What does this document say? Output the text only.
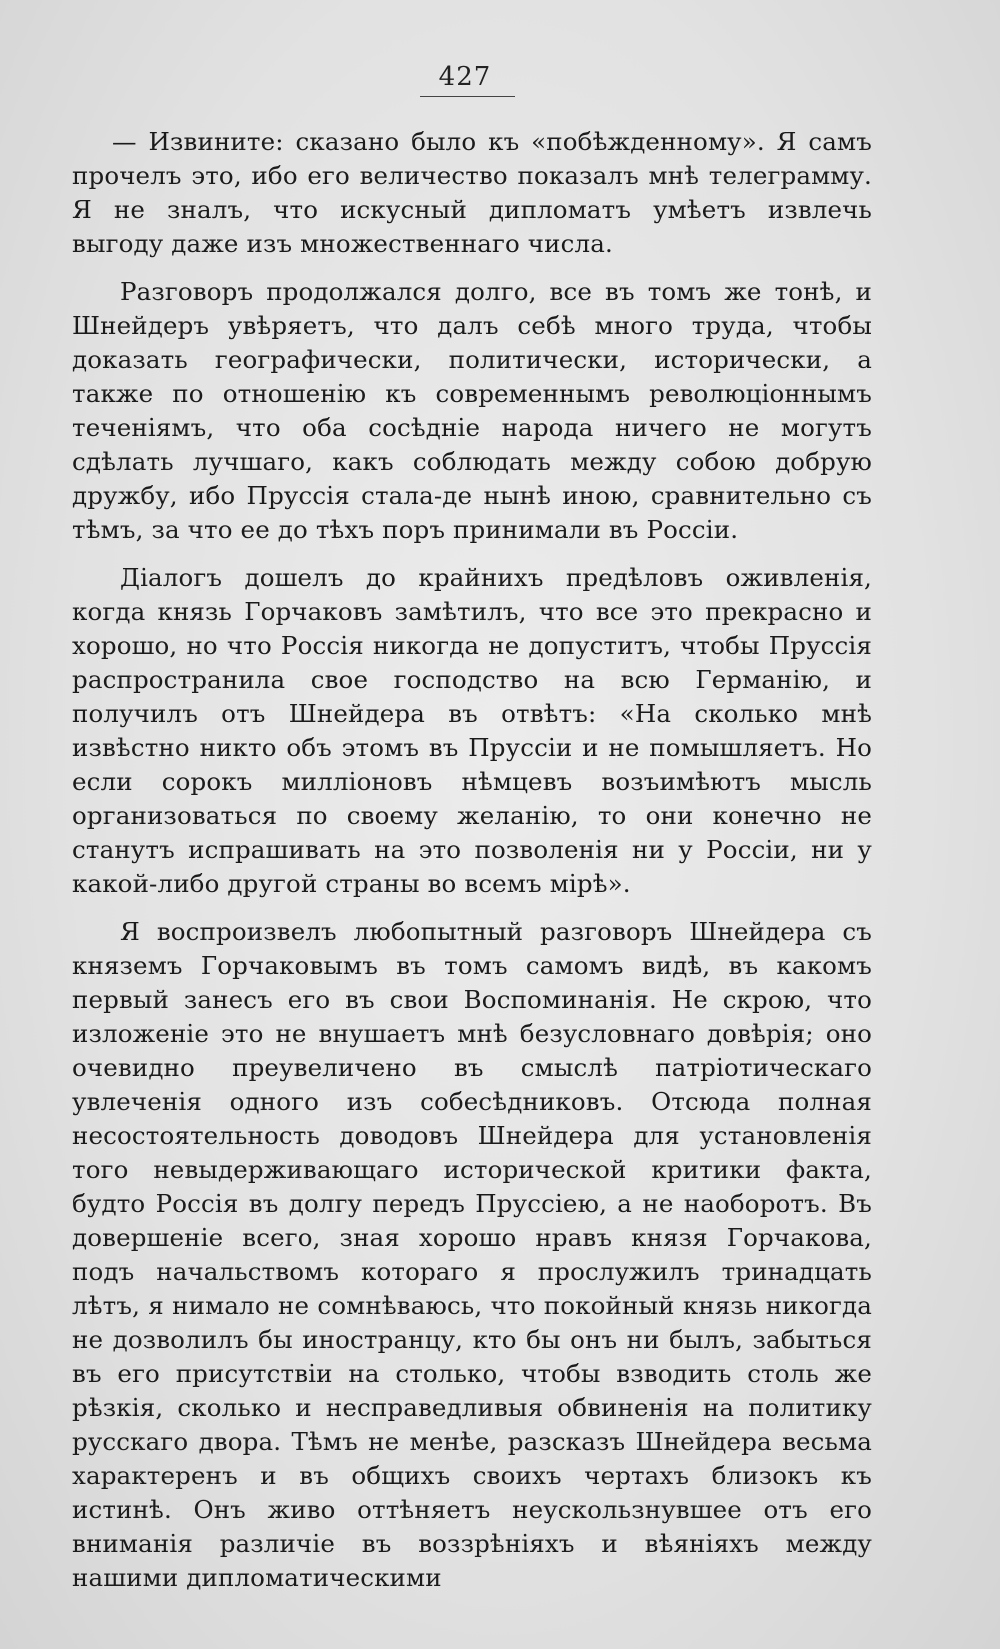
427

— Извините: сказано было къ «побѣжденному». Я самъ прочелъ это, ибо его величество показалъ мнѣ телеграмму. Я не зналъ, что искусный дипломатъ умѣетъ извлечь выгоду даже изъ множественнаго числа.

Разговоръ продолжался долго, все въ томъ же тонѣ, и Шнейдеръ увѣряетъ, что далъ себѣ много труда, чтобы доказать географически, политически, исторически, а также по отношенію къ современнымъ революціоннымъ теченіямъ, что оба сосѣдніе народа ничего не могутъ сдѣлать лучшаго, какъ соблюдать между собою добрую дружбу, ибо Пруссія стала-де нынѣ иною, сравнительно съ тѣмъ, за что ее до тѣхъ поръ принимали въ Россіи.

Діалогъ дошелъ до крайнихъ предѣловъ оживленія, когда князь Горчаковъ замѣтилъ, что все это прекрасно и хорошо, но что Россія никогда не допуститъ, чтобы Пруссія распространила свое господство на всю Германію, и получилъ отъ Шнейдера въ отвѣтъ: «На сколько мнѣ извѣстно никто объ этомъ въ Пруссіи и не помышляетъ. Но если сорокъ милліоновъ нѣмцевъ возъимѣютъ мысль организоваться по своему желанію, то они конечно не станутъ испрашивать на это позволенія ни у Россіи, ни у какой-либо другой страны во всемъ мірѣ».

Я воспроизвелъ любопытный разговоръ Шнейдера съ княземъ Горчаковымъ въ томъ самомъ видѣ, въ какомъ первый занесъ его въ свои Воспоминанія. Не скрою, что изложеніе это не внушаетъ мнѣ безусловнаго довѣрія; оно очевидно преувеличено въ смыслѣ патріотическаго увлеченія одного изъ собесѣдниковъ. Отсюда полная несостоятельность доводовъ Шнейдера для установленія того невыдерживающаго исторической критики факта, будто Россія въ долгу передъ Пруссіею, а не наоборотъ. Въ довершеніе всего, зная хорошо нравъ князя Горчакова, подъ начальствомъ котораго я прослужилъ тринадцать лѣтъ, я нимало не сомнѣваюсь, что покойный князь никогда не дозволилъ бы иностранцу, кто бы онъ ни былъ, забыться въ его присутствіи на столько, чтобы взводить столь же рѣзкія, сколько и несправедливыя обвиненія на политику русскаго двора. Тѣмъ не менѣе, разсказъ Шнейдера весьма характеренъ и въ общихъ своихъ чертахъ близокъ къ истинѣ. Онъ живо оттѣняетъ неускользнувшее отъ его вниманія различіе въ воззрѣніяхъ и вѣяніяхъ между нашими дипломатическими
